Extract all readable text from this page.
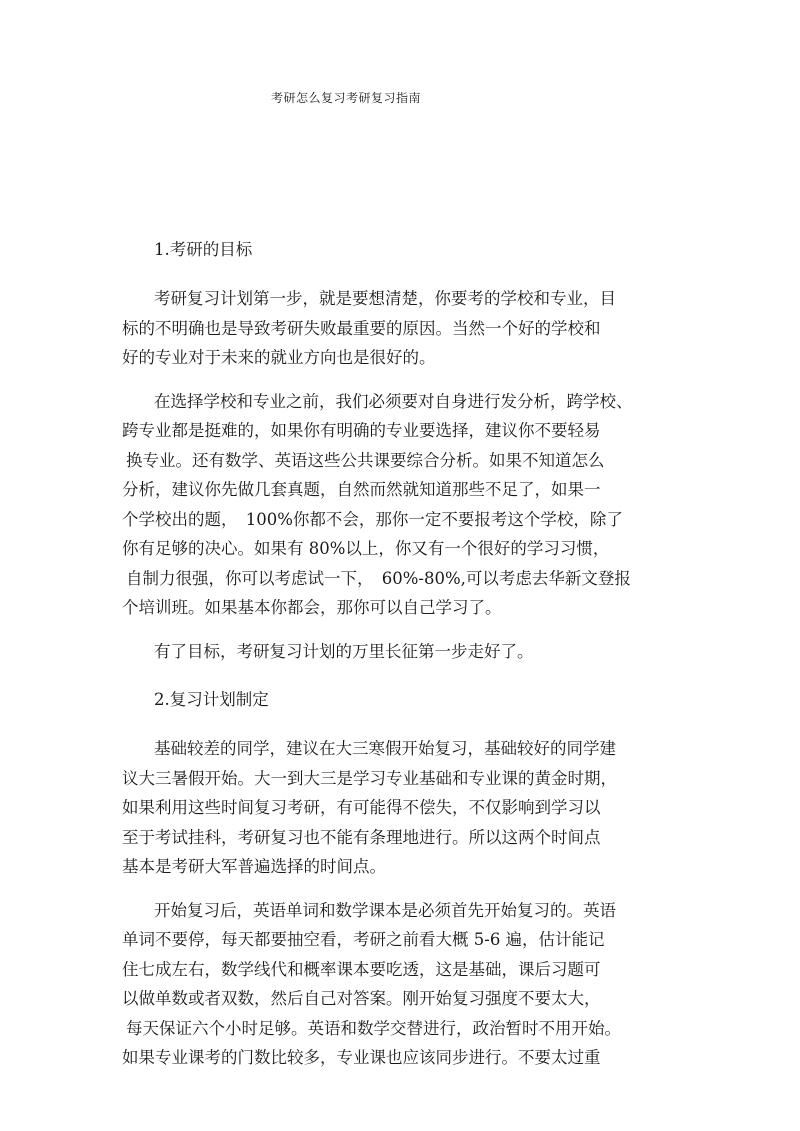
考研怎么复习考研复习指南
1.考研的目标
考研复习计划第一步，就是要想清楚，你要考的学校和专业，目
标的不明确也是导致考研失败最重要的原因。当然一个好的学校和
好的专业对于未来的就业方向也是很好的。
在选择学校和专业之前，我们必须要对自身进行发分析，跨学校、
跨专业都是挺难的，如果你有明确的专业要选择，建议你不要轻易
换专业。还有数学、英语这些公共课要综合分析。如果不知道怎么
分析，建议你先做几套真题，自然而然就知道那些不足了，如果一
个学校出的题，　100%你都不会，那你一定不要报考这个学校，除了
你有足够的决心。如果有 80%以上，你又有一个很好的学习习惯，
自制力很强，你可以考虑试一下，　60%-80%,可以考虑去华新文登报
个培训班。如果基本你都会，那你可以自己学习了。
有了目标，考研复习计划的万里长征第一步走好了。
2.复习计划制定
基础较差的同学，建议在大三寒假开始复习，基础较好的同学建
议大三暑假开始。大一到大三是学习专业基础和专业课的黄金时期，
如果利用这些时间复习考研，有可能得不偿失，不仅影响到学习以
至于考试挂科，考研复习也不能有条理地进行。所以这两个时间点
基本是考研大军普遍选择的时间点。
开始复习后，英语单词和数学课本是必须首先开始复习的。英语
单词不要停，每天都要抽空看，考研之前看大概 5-6 遍，估计能记
住七成左右，数学线代和概率课本要吃透，这是基础，课后习题可
以做单数或者双数，然后自己对答案。刚开始复习强度不要太大，
每天保证六个小时足够。英语和数学交替进行，政治暂时不用开始。
如果专业课考的门数比较多，专业课也应该同步进行。不要太过重
